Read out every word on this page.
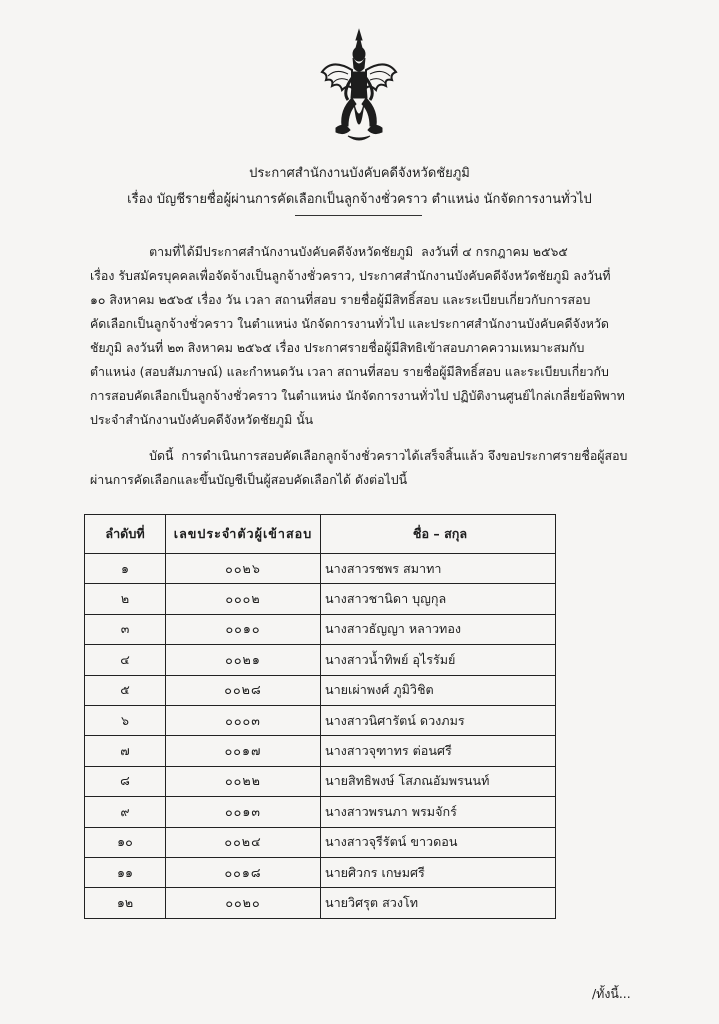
ประกาศสำนักงานบังคับคดีจังหวัดชัยภูมิ
เรื่อง บัญชีรายชื่อผู้ผ่านการคัดเลือกเป็นลูกจ้างชั่วคราว ตำแหน่ง นักจัดการงานทั่วไป
ตามที่ได้มีประกาศสำนักงานบังคับคดีจังหวัดชัยภูมิ  ลงวันที่ ๔ กรกฎาคม ๒๕๖๕
เรื่อง รับสมัครบุคคลเพื่อจัดจ้างเป็นลูกจ้างชั่วคราว, ประกาศสำนักงานบังคับคดีจังหวัดชัยภูมิ ลงวันที่
๑๐ สิงหาคม ๒๕๖๕ เรื่อง วัน เวลา สถานที่สอบ รายชื่อผู้มีสิทธิ์สอบ และระเบียบเกี่ยวกับการสอบ
คัดเลือกเป็นลูกจ้างชั่วคราว ในตำแหน่ง นักจัดการงานทั่วไป และประกาศสำนักงานบังคับคดีจังหวัด
ชัยภูมิ ลงวันที่ ๒๓ สิงหาคม ๒๕๖๕ เรื่อง ประกาศรายชื่อผู้มีสิทธิเข้าสอบภาคความเหมาะสมกับ
ตำแหน่ง (สอบสัมภาษณ์) และกำหนดวัน เวลา สถานที่สอบ รายชื่อผู้มีสิทธิ์สอบ และระเบียบเกี่ยวกับ
การสอบคัดเลือกเป็นลูกจ้างชั่วคราว ในตำแหน่ง นักจัดการงานทั่วไป ปฏิบัติงานศูนย์ไกล่เกลี่ยข้อพิพาท
ประจำสำนักงานบังคับคดีจังหวัดชัยภูมิ นั้น
บัดนี้  การดำเนินการสอบคัดเลือกลูกจ้างชั่วคราวได้เสร็จสิ้นแล้ว จึงขอประกาศรายชื่อผู้สอบ
ผ่านการคัดเลือกและขึ้นบัญชีเป็นผู้สอบคัดเลือกได้ ดังต่อไปนี้
ลำดับที่	เลขประจำตัวผู้เข้าสอบ	ชื่อ – สกุล
๑	๐๐๒๖	นางสาวรชพร สมาทา
๒	๐๐๐๒	นางสาวชานิดา บุญกุล
๓	๐๐๑๐	นางสาวธัญญา หลาวทอง
๔	๐๐๒๑	นางสาวน้ำทิพย์ อุไรรัมย์
๕	๐๐๒๘	นายเผ่าพงศ์ ภูมิวิชิต
๖	๐๐๐๓	นางสาวนิศารัตน์ ดวงภมร
๗	๐๐๑๗	นางสาวจุฑาทร ต่อนศรี
๘	๐๐๒๒	นายสิทธิพงษ์ โสภณอัมพรนนท์
๙	๐๐๑๓	นางสาวพรนภา พรมจักร์
๑๐	๐๐๒๔	นางสาวจุรีรัตน์ ขาวดอน
๑๑	๐๐๑๘	นายศิวกร เกษมศรี
๑๒	๐๐๒๐	นายวิศรุต สวงโท
/ทั้งนี้...
